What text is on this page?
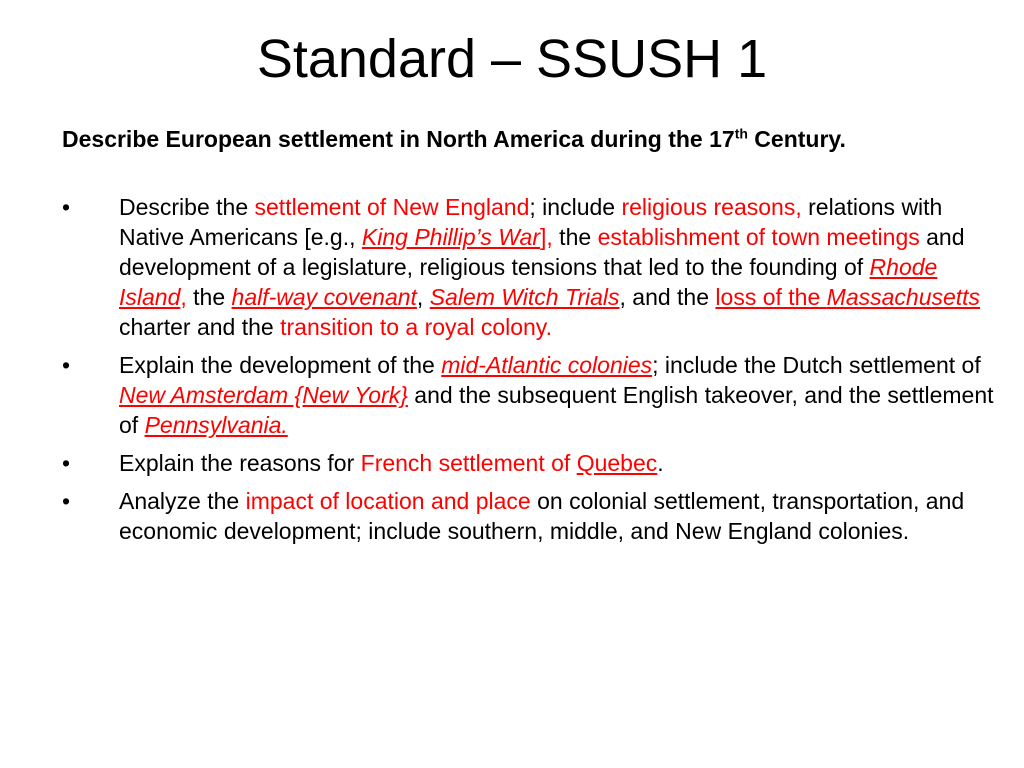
Standard – SSUSH 1

Describe European settlement in North America during the 17th Century.

•	Describe the settlement of New England; include religious reasons, relations with Native Americans [e.g., King Phillip’s War], the establishment of town meetings and development of a legislature, religious tensions that led to the founding of Rhode Island, the half-way covenant, Salem Witch Trials, and the loss of the Massachusetts charter and the transition to a royal colony.
•	Explain the development of the mid-Atlantic colonies; include the Dutch settlement of New Amsterdam {New York} and the subsequent English takeover, and the settlement of Pennsylvania.
•	Explain the reasons for French settlement of Quebec.
•	Analyze the impact of location and place on colonial settlement, transportation, and economic development; include southern, middle, and New England colonies.
